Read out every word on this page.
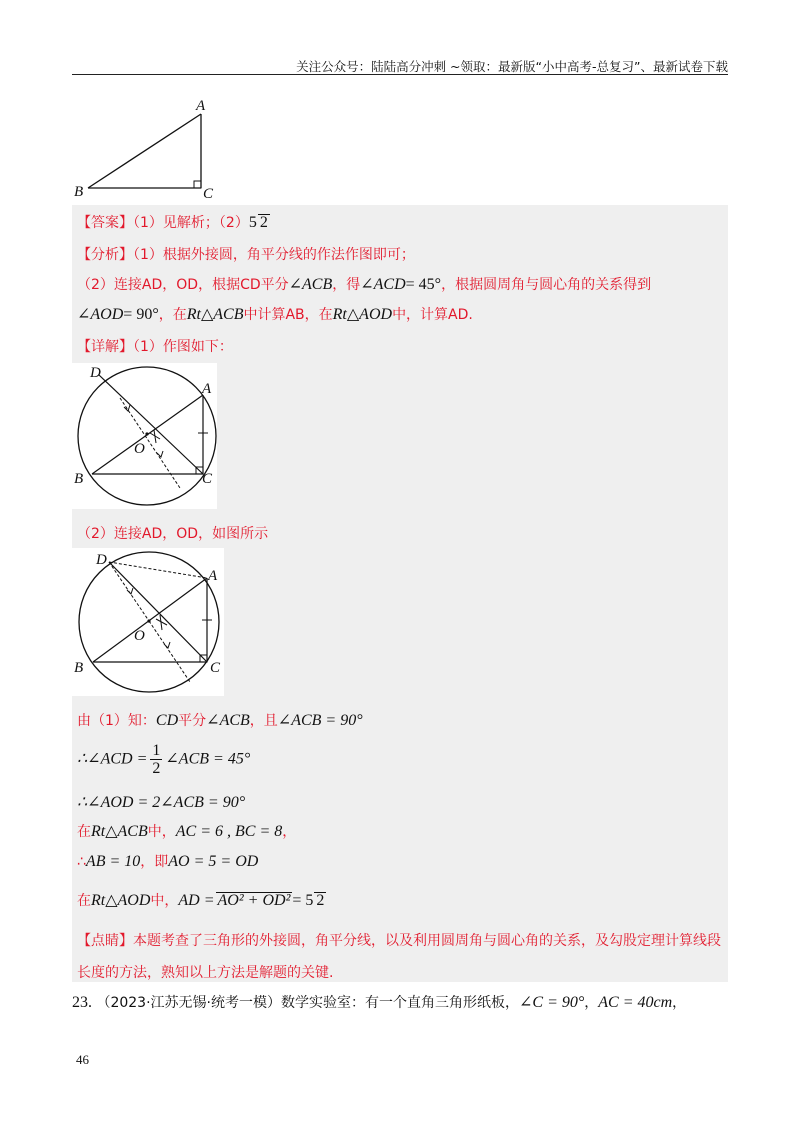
关注公众号：陆陆高分冲刺 ~领取：最新版“小中高考-总复习”、最新试卷下载
A
B	C
【答案】（1）见解析；（2）5 2
【分析】（1）根据外接圆，角平分线的作法作图即可；
（2）连接AD，OD，根据CD平分∠ACB，得∠ACD= 45°，根据圆周角与圆心角的关系得到
∠AOD= 90°，在Rt△ACB中计算AB，在Rt△AOD中，计算AD.
【详解】（1）作图如下：
D
A
O
B	C
（2）连接AD，OD，如图所示
D
A
O
B	C
由（1）知：CD平分∠ACB，且∠ACB = 90°
∴∠ACD = $\frac{1}{2}$ ∠ACB = 45°
∴∠AOD = 2∠ACB = 90°
在Rt△ACB中，AC = 6 , BC = 8，
∴AB = 10，即AO = 5 = OD
在Rt△AOD中，AD = AO² + OD² = 5 2
【点睛】本题考查了三角形的外接圆，角平分线，以及利用圆周角与圆心角的关系，及勾股定理计算线段
长度的方法，熟知以上方法是解题的关键.
23. （2023·江苏无锡·统考一模）数学实验室：有一个直角三角形纸板，∠C = 90°，AC = 40cm，
46
